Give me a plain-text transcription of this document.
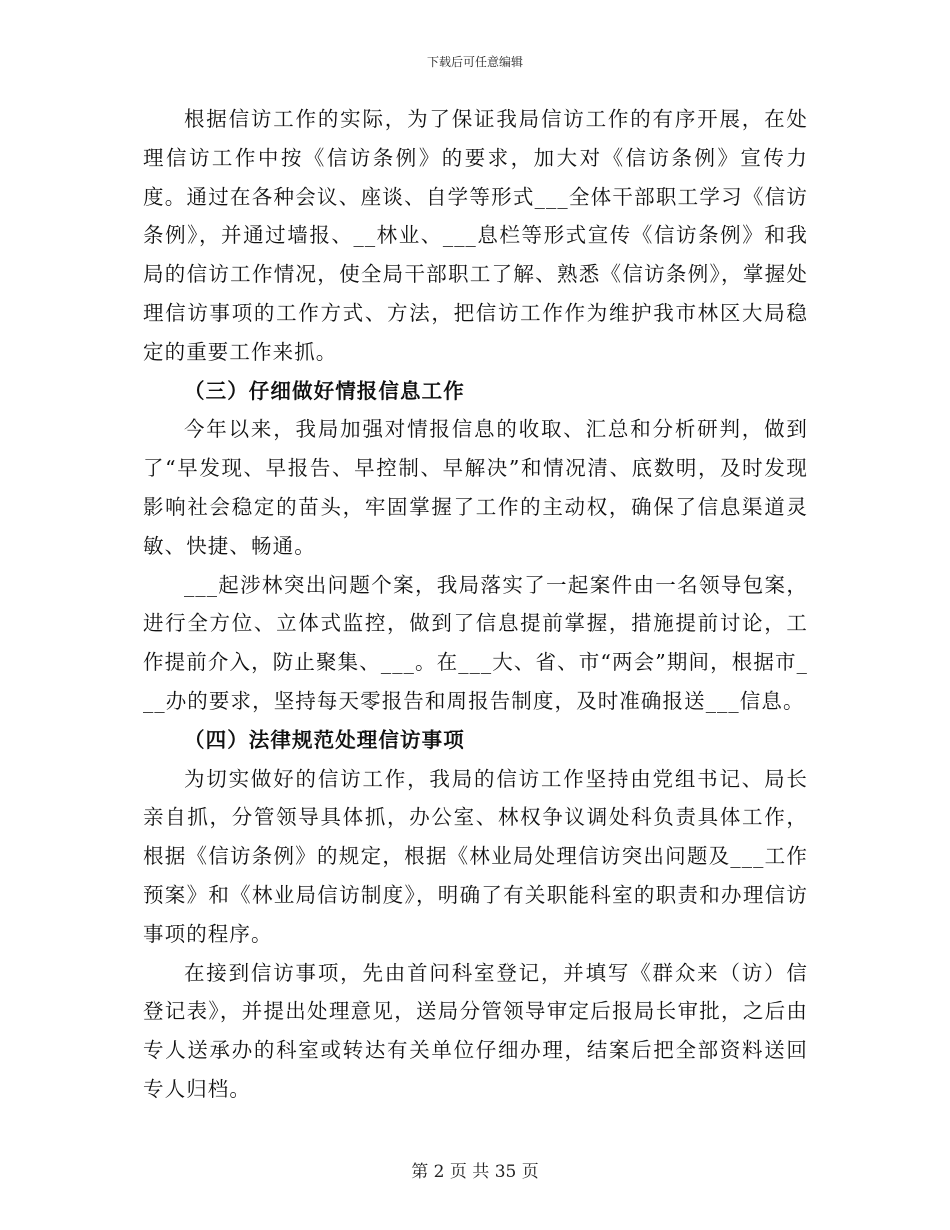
下载后可任意编辑

根据信访工作的实际，为了保证我局信访工作的有序开展，在处理信访工作中按《信访条例》的要求，加大对《信访条例》宣传力度。通过在各种会议、座谈、自学等形式___全体干部职工学习《信访条例》，并通过墙报、__林业、___息栏等形式宣传《信访条例》和我局的信访工作情况，使全局干部职工了解、熟悉《信访条例》，掌握处理信访事项的工作方式、方法，把信访工作作为维护我市林区大局稳定的重要工作来抓。

（三）仔细做好情报信息工作

今年以来，我局加强对情报信息的收取、汇总和分析研判，做到了“早发现、早报告、早控制、早解决”和情况清、底数明，及时发现影响社会稳定的苗头，牢固掌握了工作的主动权，确保了信息渠道灵敏、快捷、畅通。

___起涉林突出问题个案，我局落实了一起案件由一名领导包案，进行全方位、立体式监控，做到了信息提前掌握，措施提前讨论，工作提前介入，防止聚集、___。在___大、省、市“两会”期间，根据市___办的要求，坚持每天零报告和周报告制度，及时准确报送___信息。

（四）法律规范处理信访事项

为切实做好的信访工作，我局的信访工作坚持由党组书记、局长亲自抓，分管领导具体抓，办公室、林权争议调处科负责具体工作，根据《信访条例》的规定，根据《林业局处理信访突出问题及___工作预案》和《林业局信访制度》，明确了有关职能科室的职责和办理信访事项的程序。

在接到信访事项，先由首问科室登记，并填写《群众来（访）信登记表》，并提出处理意见，送局分管领导审定后报局长审批，之后由专人送承办的科室或转达有关单位仔细办理，结案后把全部资料送回专人归档。

第 2 页 共 35 页
